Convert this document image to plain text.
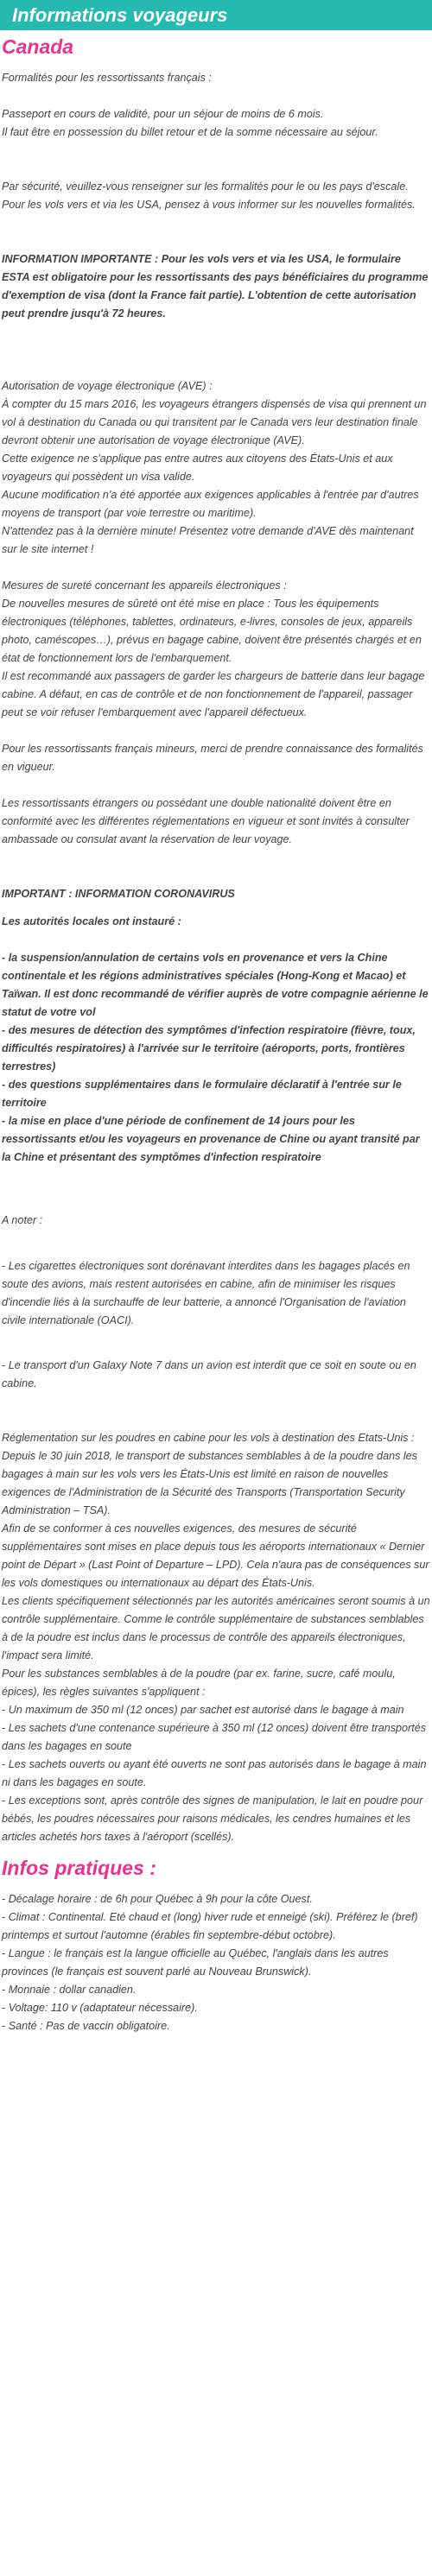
Informations voyageurs
Canada

Formalités pour les ressortissants français :

Passeport en cours de validité, pour un séjour de moins de 6 mois.

Il faut être en possession du billet retour et de la somme nécessaire au séjour.

Par sécurité, veuillez-vous renseigner sur les formalités pour le ou les pays d'escale.

Pour les vols vers et via les USA, pensez à vous informer sur les nouvelles formalités.

INFORMATION IMPORTANTE : Pour les vols vers et via les USA, le formulaire ESTA est obligatoire pour les ressortissants des pays bénéficiaires du programme d'exemption de visa (dont la France fait partie). L'obtention de cette autorisation peut prendre jusqu'à 72 heures.

Autorisation de voyage électronique (AVE) :

À compter du 15 mars 2016, les voyageurs étrangers dispensés de visa qui prennent un vol à destination du Canada ou qui transitent par le Canada vers leur destination finale devront obtenir une autorisation de voyage électronique (AVE).

Cette exigence ne s'applique pas entre autres aux citoyens des États-Unis et aux voyageurs qui possèdent un visa valide.

Aucune modification n'a été apportée aux exigences applicables à l'entrée par d'autres moyens de transport (par voie terrestre ou maritime).

N'attendez pas à la dernière minute! Présentez votre demande d'AVE dès maintenant sur le site internet !

Mesures de sureté concernant les appareils électroniques :

De nouvelles mesures de sûreté ont été mise en place : Tous les équipements électroniques (téléphones, tablettes, ordinateurs, e-livres, consoles de jeux, appareils photo, caméscopes…), prévus en bagage cabine, doivent être présentés chargés et en état de fonctionnement lors de l'embarquement.

Il est recommandé aux passagers de garder les chargeurs de batterie dans leur bagage cabine. A défaut, en cas de contrôle et de non fonctionnement de l'appareil, passager peut se voir refuser l'embarquement avec l'appareil défectueux.

Pour les ressortissants français mineurs, merci de prendre connaissance des formalités en vigueur.

Les ressortissants étrangers ou possédant une double nationalité doivent être en conformité avec les différentes réglementations en vigueur et sont invités à consulter ambassade ou consulat avant la réservation de leur voyage.

IMPORTANT : INFORMATION CORONAVIRUS

Les autorités locales ont instauré :

- la suspension/annulation de certains vols en provenance et vers la Chine continentale et les régions administratives spéciales (Hong-Kong et Macao) et Taïwan. Il est donc recommandé de vérifier auprès de votre compagnie aérienne le statut de votre vol

- des mesures de détection des symptômes d'infection respiratoire (fièvre, toux, difficultés respiratoires) à l'arrivée sur le territoire (aéroports, ports, frontières terrestres)

- des questions supplémentaires dans le formulaire déclaratif à l'entrée sur le territoire

- la mise en place d'une période de confinement de 14 jours pour les ressortissants et/ou les voyageurs en provenance de Chine ou ayant transité par la Chine et présentant des symptômes d'infection respiratoire

A noter :

- Les cigarettes électroniques sont dorénavant interdites dans les bagages placés en soute des avions, mais restent autorisées en cabine, afin de minimiser les risques d'incendie liés à la surchauffe de leur batterie, a annoncé l'Organisation de l'aviation civile internationale (OACI).

- Le transport d'un Galaxy Note 7 dans un avion est interdit que ce soit en soute ou en cabine.

Réglementation sur les poudres en cabine pour les vols à destination des Etats-Unis :

Depuis le 30 juin 2018, le transport de substances semblables à de la poudre dans les bagages à main sur les vols vers les États-Unis est limité en raison de nouvelles exigences de l'Administration de la Sécurité des Transports (Transportation Security Administration – TSA).

Afin de se conformer à ces nouvelles exigences, des mesures de sécurité supplémentaires sont mises en place depuis tous les aéroports internationaux « Dernier point de Départ » (Last Point of Departure – LPD). Cela n'aura pas de conséquences sur les vols domestiques ou internationaux au départ des États-Unis.

Les clients spécifiquement sélectionnés par les autorités américaines seront soumis à un contrôle supplémentaire. Comme le contrôle supplémentaire de substances semblables à de la poudre est inclus dans le processus de contrôle des appareils électroniques, l'impact sera limité.

Pour les substances semblables à de la poudre (par ex. farine, sucre, café moulu, épices), les règles suivantes s'appliquent :

- Un maximum de 350 ml (12 onces) par sachet est autorisé dans le bagage à main

- Les sachets d'une contenance supérieure à 350 ml (12 onces) doivent être transportés dans les bagages en soute

- Les sachets ouverts ou ayant été ouverts ne sont pas autorisés dans le bagage à main ni dans les bagages en soute.

- Les exceptions sont, après contrôle des signes de manipulation, le lait en poudre pour bébés, les poudres nécessaires pour raisons médicales, les cendres humaines et les articles achetés hors taxes à l'aéroport (scellés).

Infos pratiques :

- Décalage horaire : de 6h pour Québec à 9h pour la côte Ouest.

- Climat : Continental. Eté chaud et (long) hiver rude et enneigé (ski). Préférez le (bref) printemps et surtout l'automne (érables fin septembre-début octobre).

- Langue : le français est la langue officielle au Québec, l'anglais dans les autres provinces (le français est souvent parlé au Nouveau Brunswick).

- Monnaie : dollar canadien.

- Voltage: 110 v (adaptateur nécessaire).

- Santé : Pas de vaccin obligatoire.
